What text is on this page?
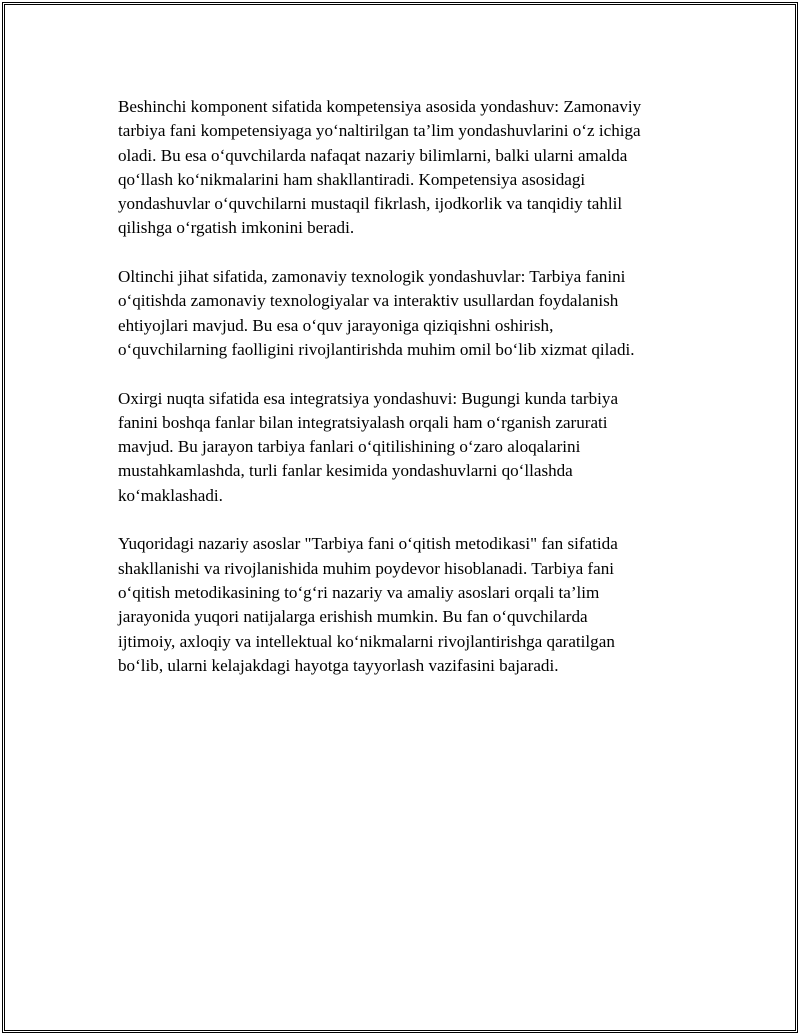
Beshinchi komponent sifatida kompetensiya asosida yondashuv: Zamonaviy
tarbiya fani kompetensiyaga yo‘naltirilgan ta’lim yondashuvlarini o‘z ichiga
oladi. Bu esa o‘quvchilarda nafaqat nazariy bilimlarni, balki ularni amalda
qo‘llash ko‘nikmalarini ham shakllantiradi. Kompetensiya asosidagi
yondashuvlar o‘quvchilarni mustaqil fikrlash, ijodkorlik va tanqidiy tahlil
qilishga o‘rgatish imkonini beradi.

Oltinchi jihat sifatida, zamonaviy texnologik yondashuvlar: Tarbiya fanini
o‘qitishda zamonaviy texnologiyalar va interaktiv usullardan foydalanish
ehtiyojlari mavjud. Bu esa o‘quv jarayoniga qiziqishni oshirish,
o‘quvchilarning faolligini rivojlantirishda muhim omil bo‘lib xizmat qiladi.

Oxirgi nuqta sifatida esa integratsiya yondashuvi: Bugungi kunda tarbiya
fanini boshqa fanlar bilan integratsiyalash orqali ham o‘rganish zarurati
mavjud. Bu jarayon tarbiya fanlari o‘qitilishining o‘zaro aloqalarini
mustahkamlashda, turli fanlar kesimida yondashuvlarni qo‘llashda
ko‘maklashadi.

Yuqoridagi nazariy asoslar "Tarbiya fani o‘qitish metodikasi" fan sifatida
shakllanishi va rivojlanishida muhim poydevor hisoblanadi. Tarbiya fani
o‘qitish metodikasining to‘g‘ri nazariy va amaliy asoslari orqali ta’lim
jarayonida yuqori natijalarga erishish mumkin. Bu fan o‘quvchilarda
ijtimoiy, axloqiy va intellektual ko‘nikmalarni rivojlantirishga qaratilgan
bo‘lib, ularni kelajakdagi hayotga tayyorlash vazifasini bajaradi.
